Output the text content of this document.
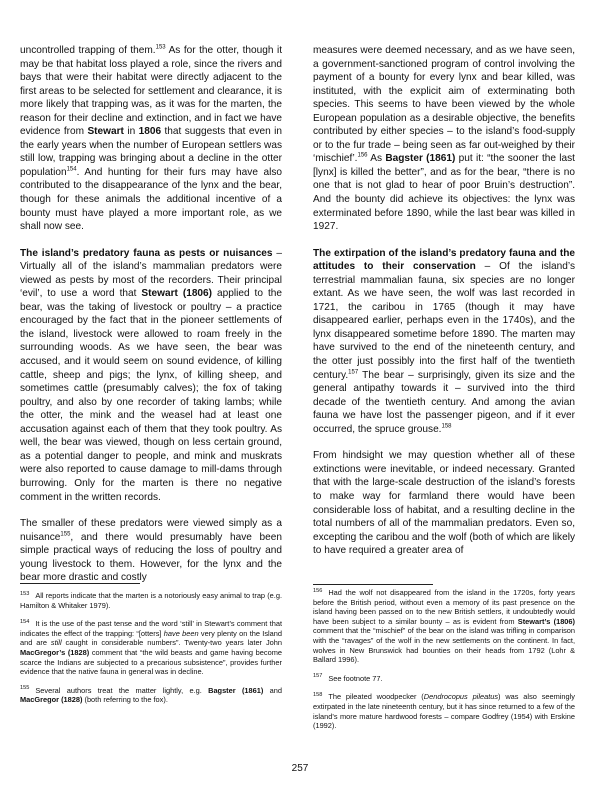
uncontrolled trapping of them.$^{153}$ As for the otter, though it may be that habitat loss played a role, since the rivers and bays that were their habitat were directly adjacent to the first areas to be selected for settlement and clearance, it is more likely that trapping was, as it was for the marten, the reason for their decline and extinction, and in fact we have evidence from Stewart in 1806 that suggests that even in the early years when the number of European settlers was still low, trapping was bringing about a decline in the otter population$^{154}$. And hunting for their furs may have also contributed to the disappearance of the lynx and the bear, though for these animals the additional incentive of a bounty must have played a more important role, as we shall now see.

The island’s predatory fauna as pests or nuisances – Virtually all of the island’s mammalian predators were viewed as pests by most of the recorders. Their principal ‘evil’, to use a word that Stewart (1806) applied to the bear, was the taking of livestock or poultry – a practice encouraged by the fact that in the pioneer settlements of the island, livestock were allowed to roam freely in the surrounding woods. As we have seen, the bear was accused, and it would seem on sound evidence, of killing cattle, sheep and pigs; the lynx, of killing sheep, and sometimes cattle (presumably calves); the fox of taking poultry, and also by one recorder of taking lambs; while the otter, the mink and the weasel had at least one accusation against each of them that they took poultry. As well, the bear was viewed, though on less certain ground, as a potential danger to people, and mink and muskrats were also reported to cause damage to mill-dams through burrowing. Only for the marten is there no negative comment in the written records.

The smaller of these predators were viewed simply as a nuisance$^{155}$, and there would presumably have been simple practical ways of reducing the loss of poultry and young livestock to them. However, for the lynx and the bear more drastic and costly

$^{153}$ All reports indicate that the marten is a notoriously easy animal to trap (e.g. Hamilton & Whitaker 1979).

$^{154}$ It is the use of the past tense and the word ‘still’ in Stewart’s comment that indicates the effect of the trapping: “[otters] have been very plenty on the Island and are still caught in considerable numbers”. Twenty-two years later John MacGregor’s (1828) comment that “the wild beasts and game having become scarce the Indians are subjected to a precarious subsistence”, provides further evidence that the native fauna in general was in decline.

$^{155}$ Several authors treat the matter lightly, e.g. Bagster (1861) and MacGregor (1828) (both referring to the fox).

measures were deemed necessary, and as we have seen, a government-sanctioned program of control involving the payment of a bounty for every lynx and bear killed, was instituted, with the explicit aim of exterminating both species. This seems to have been viewed by the whole European population as a desirable objective, the benefits contributed by either species – to the island’s food-supply or to the fur trade – being seen as far out-weighed by their ‘mischief’.$^{156}$ As Bagster (1861) put it: “the sooner the last [lynx] is killed the better”, and as for the bear, “there is no one that is not glad to hear of poor Bruin’s destruction”. And the bounty did achieve its objectives: the lynx was exterminated before 1890, while the last bear was killed in 1927.

The extirpation of the island’s predatory fauna and the attitudes to their conservation – Of the island’s terrestrial mammalian fauna, six species are no longer extant. As we have seen, the wolf was last recorded in 1721, the caribou in 1765 (though it may have disappeared earlier, perhaps even in the 1740s), and the lynx disappeared sometime before 1890. The marten may have survived to the end of the nineteenth century, and the otter just possibly into the first half of the twentieth century.$^{157}$ The bear – surprisingly, given its size and the general antipathy towards it – survived into the third decade of the twentieth century. And among the avian fauna we have lost the passenger pigeon, and if it ever occurred, the spruce grouse.$^{158}$

From hindsight we may question whether all of these extinctions were inevitable, or indeed necessary. Granted that with the large-scale destruction of the island’s forests to make way for farmland there would have been considerable loss of habitat, and a resulting decline in the total numbers of all of the mammalian predators. Even so, excepting the caribou and the wolf (both of which are likely to have required a greater area of

$^{156}$ Had the wolf not disappeared from the island in the 1720s, forty years before the British period, without even a memory of its past presence on the island having been passed on to the new British settlers, it undoubtedly would have been subject to a similar bounty – as is evident from Stewart’s (1806) comment that the “mischief” of the bear on the island was trifling in comparison with the “ravages” of the wolf in the new settlements on the continent. In fact, wolves in New Brunswick had bounties on their heads from 1792 (Lohr & Ballard 1996).

$^{157}$ See footnote 77.

$^{158}$ The pileated woodpecker (Dendrocopus pileatus) was also seemingly extirpated in the late nineteenth century, but it has since returned to a few of the island’s more mature hardwood forests – compare Godfrey (1954) with Erskine (1992).

257
